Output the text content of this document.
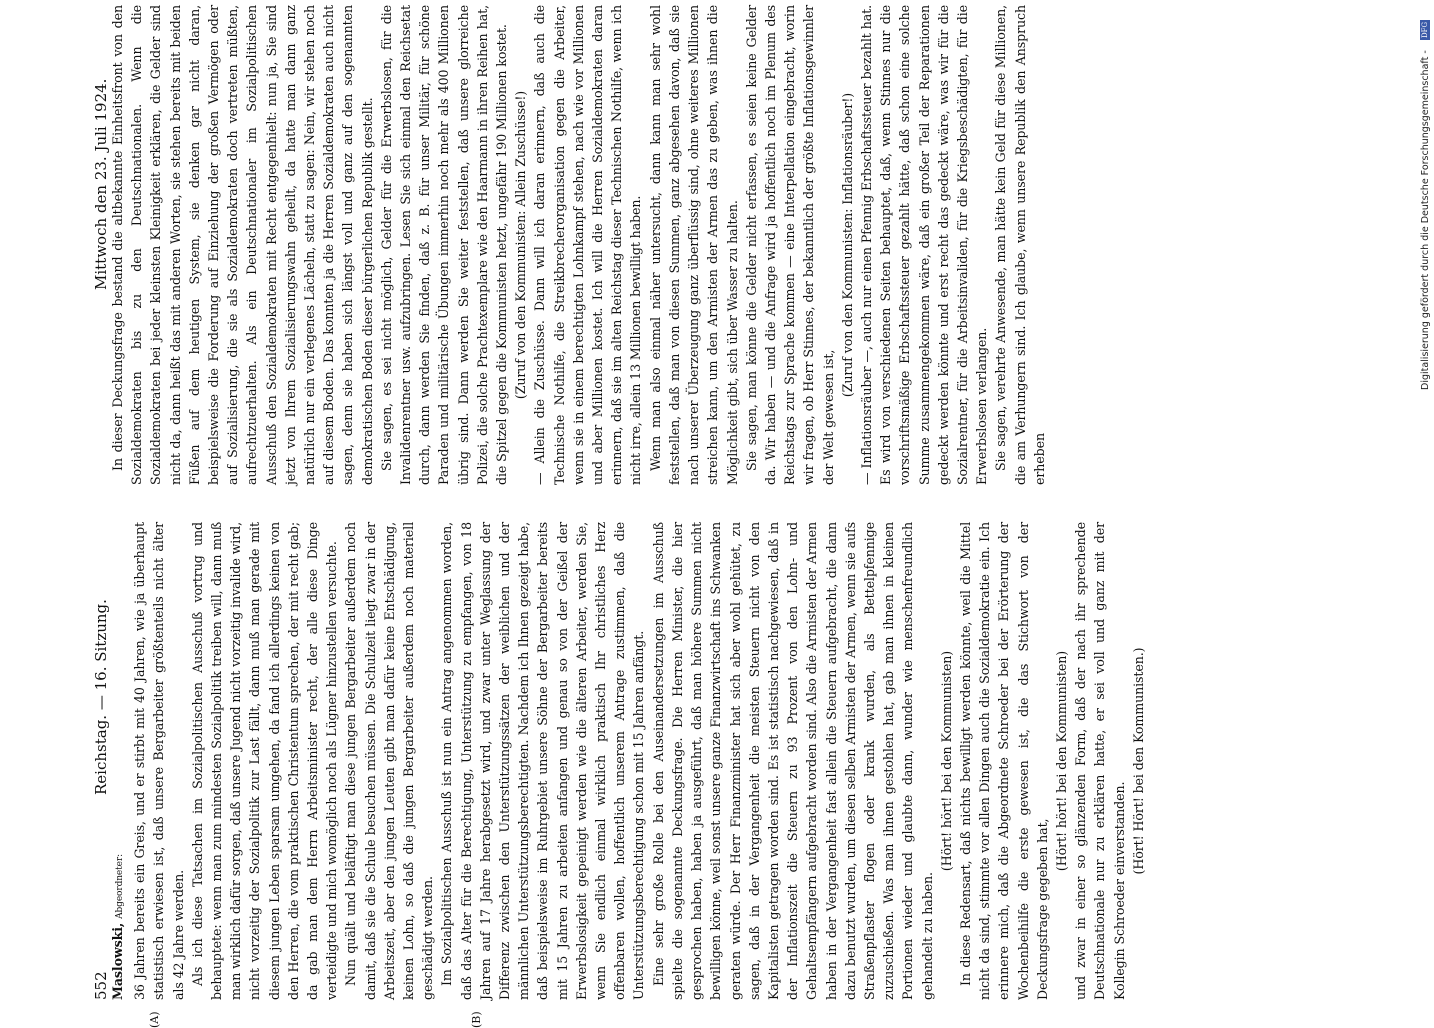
552
Reichstag. — 16. Sitzung.
Mittwoch den 23. Juli 1924.
(A)	(B)

Maslowski, Abgeordneter: 36 Jahren bereits ein Greis, und er stirbt mit 40 Jahren, wie ja überhaupt statistisch erwiesen ist, daß unsere Bergarbeiter größtenteils nicht älter als 42 Jahre werden. Als ich diese Tatsachen im Sozialpolitischen Ausschuß vortrug und behauptete: wenn man zum mindesten Sozialpolitik treiben will, dann muß man wirklich dafür sorgen, daß unsere Jugend nicht vorzeitig invalide wird, nicht vorzeitig der Sozialpolitik zur Last fällt, dann muß man gerade mit diesem jungen Leben sparsam umgehen, da fand ich allerdings keinen von den Herren, die vom praktischen Christentum sprechen, der mit recht gab; da gab man dem Herrn Arbeitsminister recht, der alle diese Dinge verteidigte und mich womöglich noch als Lügner hinzustellen versuchte. Nun quält und beläftigt man diese jungen Bergarbeiter außerdem noch damit, daß sie die Schule besuchen müssen. Die Schulzeit liegt zwar in der Arbeitszeit, aber den jungen Leuten gibt man dafür keine Entschädigung, keinen Lohn, so daß die jungen Bergarbeiter außerdem noch materiell geschädigt werden. Im Sozialpolitischen Ausschuß ist nun ein Antrag angenommen worden, daß das Alter für die Berechtigung, Unterstützung zu empfangen, von 18 Jahren auf 17 Jahre herabgesetzt wird, und zwar unter Weglassung der Differenz zwischen den Unterstützungssätzen der weiblichen und der männlichen Unterstützungsberechtigten. Nachdem ich Ihnen gezeigt habe, daß beispielsweise im Ruhrgebiet unsere Söhne der Bergarbeiter bereits mit 15 Jahren zu arbeiten anfangen und genau so von der Geißel der Erwerbslosigkeit gepeinigt werden wie die älteren Arbeiter, werden Sie, wenn Sie endlich einmal wirklich praktisch Ihr christliches Herz offenbaren wollen, hoffentlich unserem Antrage zustimmen, daß die Unterstützungsberechtigung schon mit 15 Jahren anfängt. Eine sehr große Rolle bei den Auseinandersetzungen im Ausschuß spielte die sogenannte Deckungsfrage. Die Herren Minister, die hier gesprochen haben, haben ja ausgeführt, daß man höhere Summen nicht bewilligen könne, weil sonst unsere ganze Finanzwirtschaft ins Schwanken geraten würde. Der Herr Finanzminister hat sich aber wohl gehütet, zu sagen, daß in der Vergangenheit die meisten Steuern nicht von den Kapitalisten getragen worden sind. Es ist statistisch nachgewiesen, daß in der Inflationszeit die Steuern zu 93 Prozent von den Lohn- und Gehaltsempfängern aufgebracht worden sind. Also die Armisten der Armen haben in der Vergangenheit fast allein die Steuern aufgebracht, die dann dazu benutzt wurden, um diesen selben Armisten der Armen, wenn sie aufs Straßenpflaster flogen oder krank wurden, als Bettelpfennige zuzuschießen. Was man ihnen gestohlen hat, gab man ihnen in kleinen Portionen wieder und glaubte dann, wunder wie menschenfreundlich gehandelt zu haben.

(Hört! hört! bei den Kommunisten) In diese Redensart, daß nichts bewilligt werden könnte, weil die Mittel nicht da sind, stimmte vor allen Dingen auch die Sozialdemokratie ein. Ich erinnere mich, daß die Abgeordnete Schroeder bei der Erörterung der Wochenbeihilfe die erste gewesen ist, die das Stichwort von der Deckungsfrage gegeben hat,

(Hört! hört! bei den Kommunisten) und zwar in einer so glänzenden Form, daß der nach ihr sprechende Deutschnationale nur zu erklären hatte, er sei voll und ganz mit der Kollegin Schroeder einverstanden.

(Hört! Hört! bei den Kommunisten.)

In dieser Deckungsfrage bestand die altbekannte Einheitsfront von den Sozialdemokraten bis zu den Deutschnationalen. Wenn die Sozialdemokraten bei jeder kleinsten Kleinigkeit erklären, die Gelder sind nicht da, dann heißt das mit anderen Worten, sie stehen bereits mit beiden Füßen auf dem heutigen System, sie denken gar nicht daran, beispielsweise die Forderung auf Einziehung der großen Vermögen oder auf Sozialisierung, die sie als Sozialdemokraten doch vertreten müßten, aufrechtzuerhalten. Als ein Deutschnationaler im Sozialpolitischen Ausschuß den Sozialdemokraten mit Recht entgegenhielt: nun ja, Sie sind jetzt von Ihrem Sozialisierungswahn geheilt, da hatte man dann ganz natürlich nur ein verlegenes Lächeln, statt zu sagen: Nein, wir stehen noch auf diesem Boden. Das konnten ja die Herren Sozialdemokraten auch nicht sagen, denn sie haben sich längst voll und ganz auf den sogenannten demokratischen Boden dieser bürgerlichen Republik gestellt. Sie sagen, es sei nicht möglich, Gelder für die Erwerbslosen, für die Invalidenrentner usw. aufzubringen. Lesen Sie sich einmal den Reichsetat durch, dann werden Sie finden, daß z. B. für unser Militär, für schöne Paraden und militärische Übungen immerhin noch mehr als 400 Millionen übrig sind. Dann werden Sie weiter feststellen, daß unsere glorreiche Polizei, die solche Prachtexemplare wie den Haarmann in ihren Reihen hat, die Spitzel gegen die Kommunisten hetzt, ungefähr 190 Millionen kostet. (Zuruf von den Kommunisten: Allein Zuschüsse!) — Allein die Zuschüsse. Dann will ich daran erinnern, daß auch die Technische Nothilfe, die Streikbrecherorganisation gegen die Arbeiter, wenn sie in einem berechtigten Lohnkampf stehen, nach wie vor Millionen und aber Millionen kostet. Ich will die Herren Sozialdemokraten daran erinnern, daß sie im alten Reichstag dieser Technischen Nothilfe, wenn ich nicht irre, allein 13 Millionen bewilligt haben. Wenn man also einmal näher untersucht, dann kann man sehr wohl feststellen, daß man von diesen Summen, ganz abgesehen davon, daß sie nach unserer Überzeugung ganz überflüssig sind, ohne weiteres Millionen streichen kann, um den Armisten der Armen das zu geben, was ihnen die Möglichkeit gibt, sich über Wasser zu halten. Sie sagen, man könne die Gelder nicht erfassen, es seien keine Gelder da. Wir haben — und die Anfrage wird ja hoffentlich noch im Plenum des Reichstags zur Sprache kommen — eine Interpellation eingebracht, worin wir fragen, ob Herr Stinnes, der bekanntlich der größte Inflationsgewinnler der Welt gewesen ist,

(Zuruf von den Kommunisten: Inflationsräuber!) — Inflationsräuber —, auch nur einen Pfennig Erbschaftssteuer bezahlt hat. Es wird von verschiedenen Seiten behauptet, daß, wenn Stinnes nur die vorschriftsmäßige Erbschaftssteuer gezahlt hätte, daß schon eine solche Summe zusammengekommen wäre, daß ein großer Teil der Reparationen gedeckt werden könnte und erst recht das gedeckt wäre, was wir für die Sozialrentner, für die Arbeitsinvaliden, für die Kriegsbeschädigten, für die Erwerbslosen verlangen. Sie sagen, verehrte Anwesende, man hätte kein Geld für diese Millionen, die am Verhungern sind. Ich glaube, wenn unsere Republik den Anspruch erheben

Digitalisierung gefördert durch die Deutsche Forschungsgemeinschaft -
DFG
